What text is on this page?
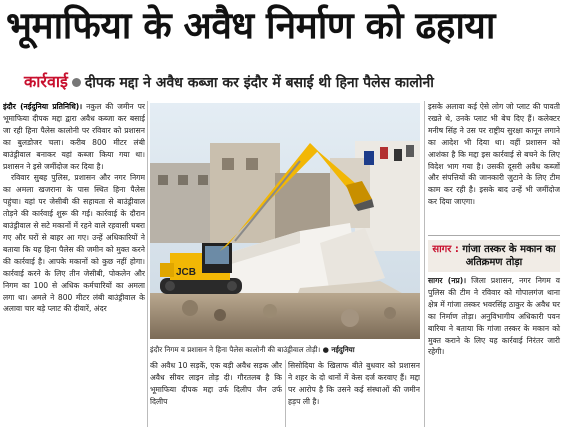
भूमाफिया के अवैध निर्माण को ढहाया
कार्रवाई दीपक मद्दा ने अवैध कब्जा कर इंदौर में बसाई थी हिना पैलेस कालोनी

इंदौर (नईदुनिया प्रतिनिधि)। नकुल की जमीन पर भूमाफिया दीपक मद्दा द्वारा अवैध कब्जा कर बसाई जा रही हिना पैलेस कालोनी पर रविवार को प्रशासन का बुलडोजर चला। करीब 800 मीटर लंबी बाउंड्रीवाल बनाकर यहां कब्जा किया गया था। प्रशासन ने इसे जमींदोज कर दिया है।

रविवार सुबह पुलिस, प्रशासन और नगर निगम का अमला खजराना के पास स्थित हिना पैलेस पहुंचा। यहां पर जेसीबी की सहायता से बाउंड्रीवाल तोड़ने की कार्रवाई शुरू की गई। कार्रवाई के दौरान बाउंड्रीवाल से सटे मकानों में रहने वाले रहवासी घबरा गए और घरों से बाहर आ गए। उन्हें अधिकारियों ने बताया कि यह हिना पैलेस की जमीन को मुक्त करने की कार्रवाई है। आपके मकानों को कुछ नहीं होगा। कार्रवाई करने के लिए तीन जेसीबी, पोकलेन और निगम का 100 से अधिक कर्मचारियों का अमला लगा था। अमले ने 800 मीटर लंबी बाउंड्रीवाल के अलावा चार बड़े प्लाट की दीवारें, अंदर

JCB
इंदौर निगम व प्रशासन ने हिना पैलेस कालोनी की बाउंड्रीवाल तोड़ी। ● नईदुनिया

की अवैध 10 सड़कें, एक बड़ी अवैध सड़क और अवैध सीवर लाइन तोड़ दी। गौरतलब है कि भूमाफिया दीपक मद्दा उर्फ दिलीप जैन उर्फ दिलीप

सिसोदिया के खिलाफ बीते बुधवार को प्रशासन ने शहर के दो थानों में केस दर्ज करवाए हैं। मद्दा पर आरोप है कि उसने कई संस्थाओं की जमीन हड़प ली है।

इसके अलावा कई ऐसे लोग जो प्लाट की पावती रखते थे, उनके प्लाट भी बेच दिए हैं। कलेक्टर मनीष सिंह ने उस पर राष्ट्रीय सुरक्षा कानून लगाने का आदेश भी दिया था। वहीं प्रशासन को आशंका है कि मद्दा इस कार्रवाई से बचने के लिए विदेश भाग गया है। उसकी दूसरी अवैध कब्जों और संपत्तियों की जानकारी जुटाने के लिए टीम काम कर रही है। इसके बाद उन्हें भी जमींदोज कर दिया जाएगा।

सागर : गांजा तस्कर के मकान का अतिक्रमण तोड़ा
सागर (नप्र)। जिला प्रशासन, नगर निगम व पुलिस की टीम ने रविवार को गोपालगंज थाना क्षेत्र में गांजा तस्कर भवरसिंह ठाकुर के अवैध घर का निर्माण तोड़ा। अनुविभागीय अधिकारी पवन बारिया ने बताया कि गांजा तस्कर के मकान को मुक्त कराने के लिए यह कार्रवाई निरंतर जारी रहेगी।
